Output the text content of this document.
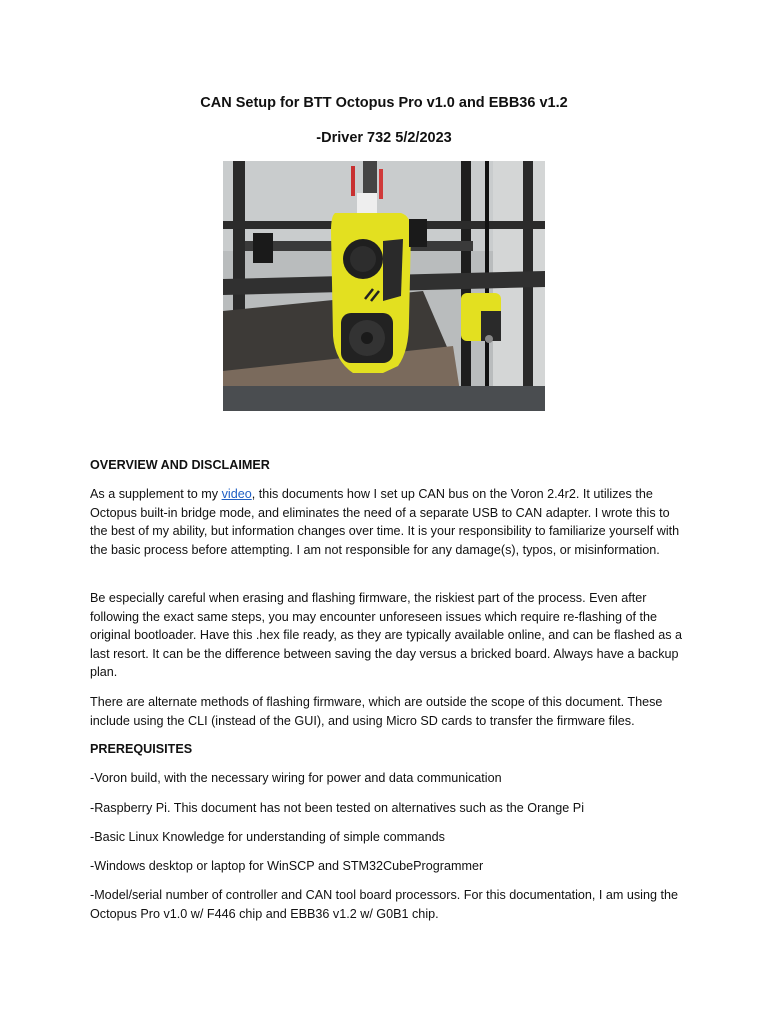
CAN Setup for BTT Octopus Pro v1.0 and EBB36 v1.2
-Driver 732 5/2/2023

OVERVIEW AND DISCLAIMER

As a supplement to my video, this documents how I set up CAN bus on the Voron 2.4r2. It utilizes the Octopus built-in bridge mode, and eliminates the need of a separate USB to CAN adapter. I wrote this to the best of my ability, but information changes over time. It is your responsibility to familiarize yourself with the basic process before attempting. I am not responsible for any damage(s), typos, or misinformation.

Be especially careful when erasing and flashing firmware, the riskiest part of the process. Even after following the exact same steps, you may encounter unforeseen issues which require re-flashing of the original bootloader. Have this .hex file ready, as they are typically available online, and can be flashed as a last resort. It can be the difference between saving the day versus a bricked board. Always have a backup plan.

There are alternate methods of flashing firmware, which are outside the scope of this document. These include using the CLI (instead of the GUI), and using Micro SD cards to transfer the firmware files.

PREREQUISITES

-Voron build, with the necessary wiring for power and data communication

-Raspberry Pi. This document has not been tested on alternatives such as the Orange Pi

-Basic Linux Knowledge for understanding of simple commands

-Windows desktop or laptop for WinSCP and STM32CubeProgrammer

-Model/serial number of controller and CAN tool board processors. For this documentation, I am using the Octopus Pro v1.0 w/ F446 chip and EBB36 v1.2 w/ G0B1 chip.
